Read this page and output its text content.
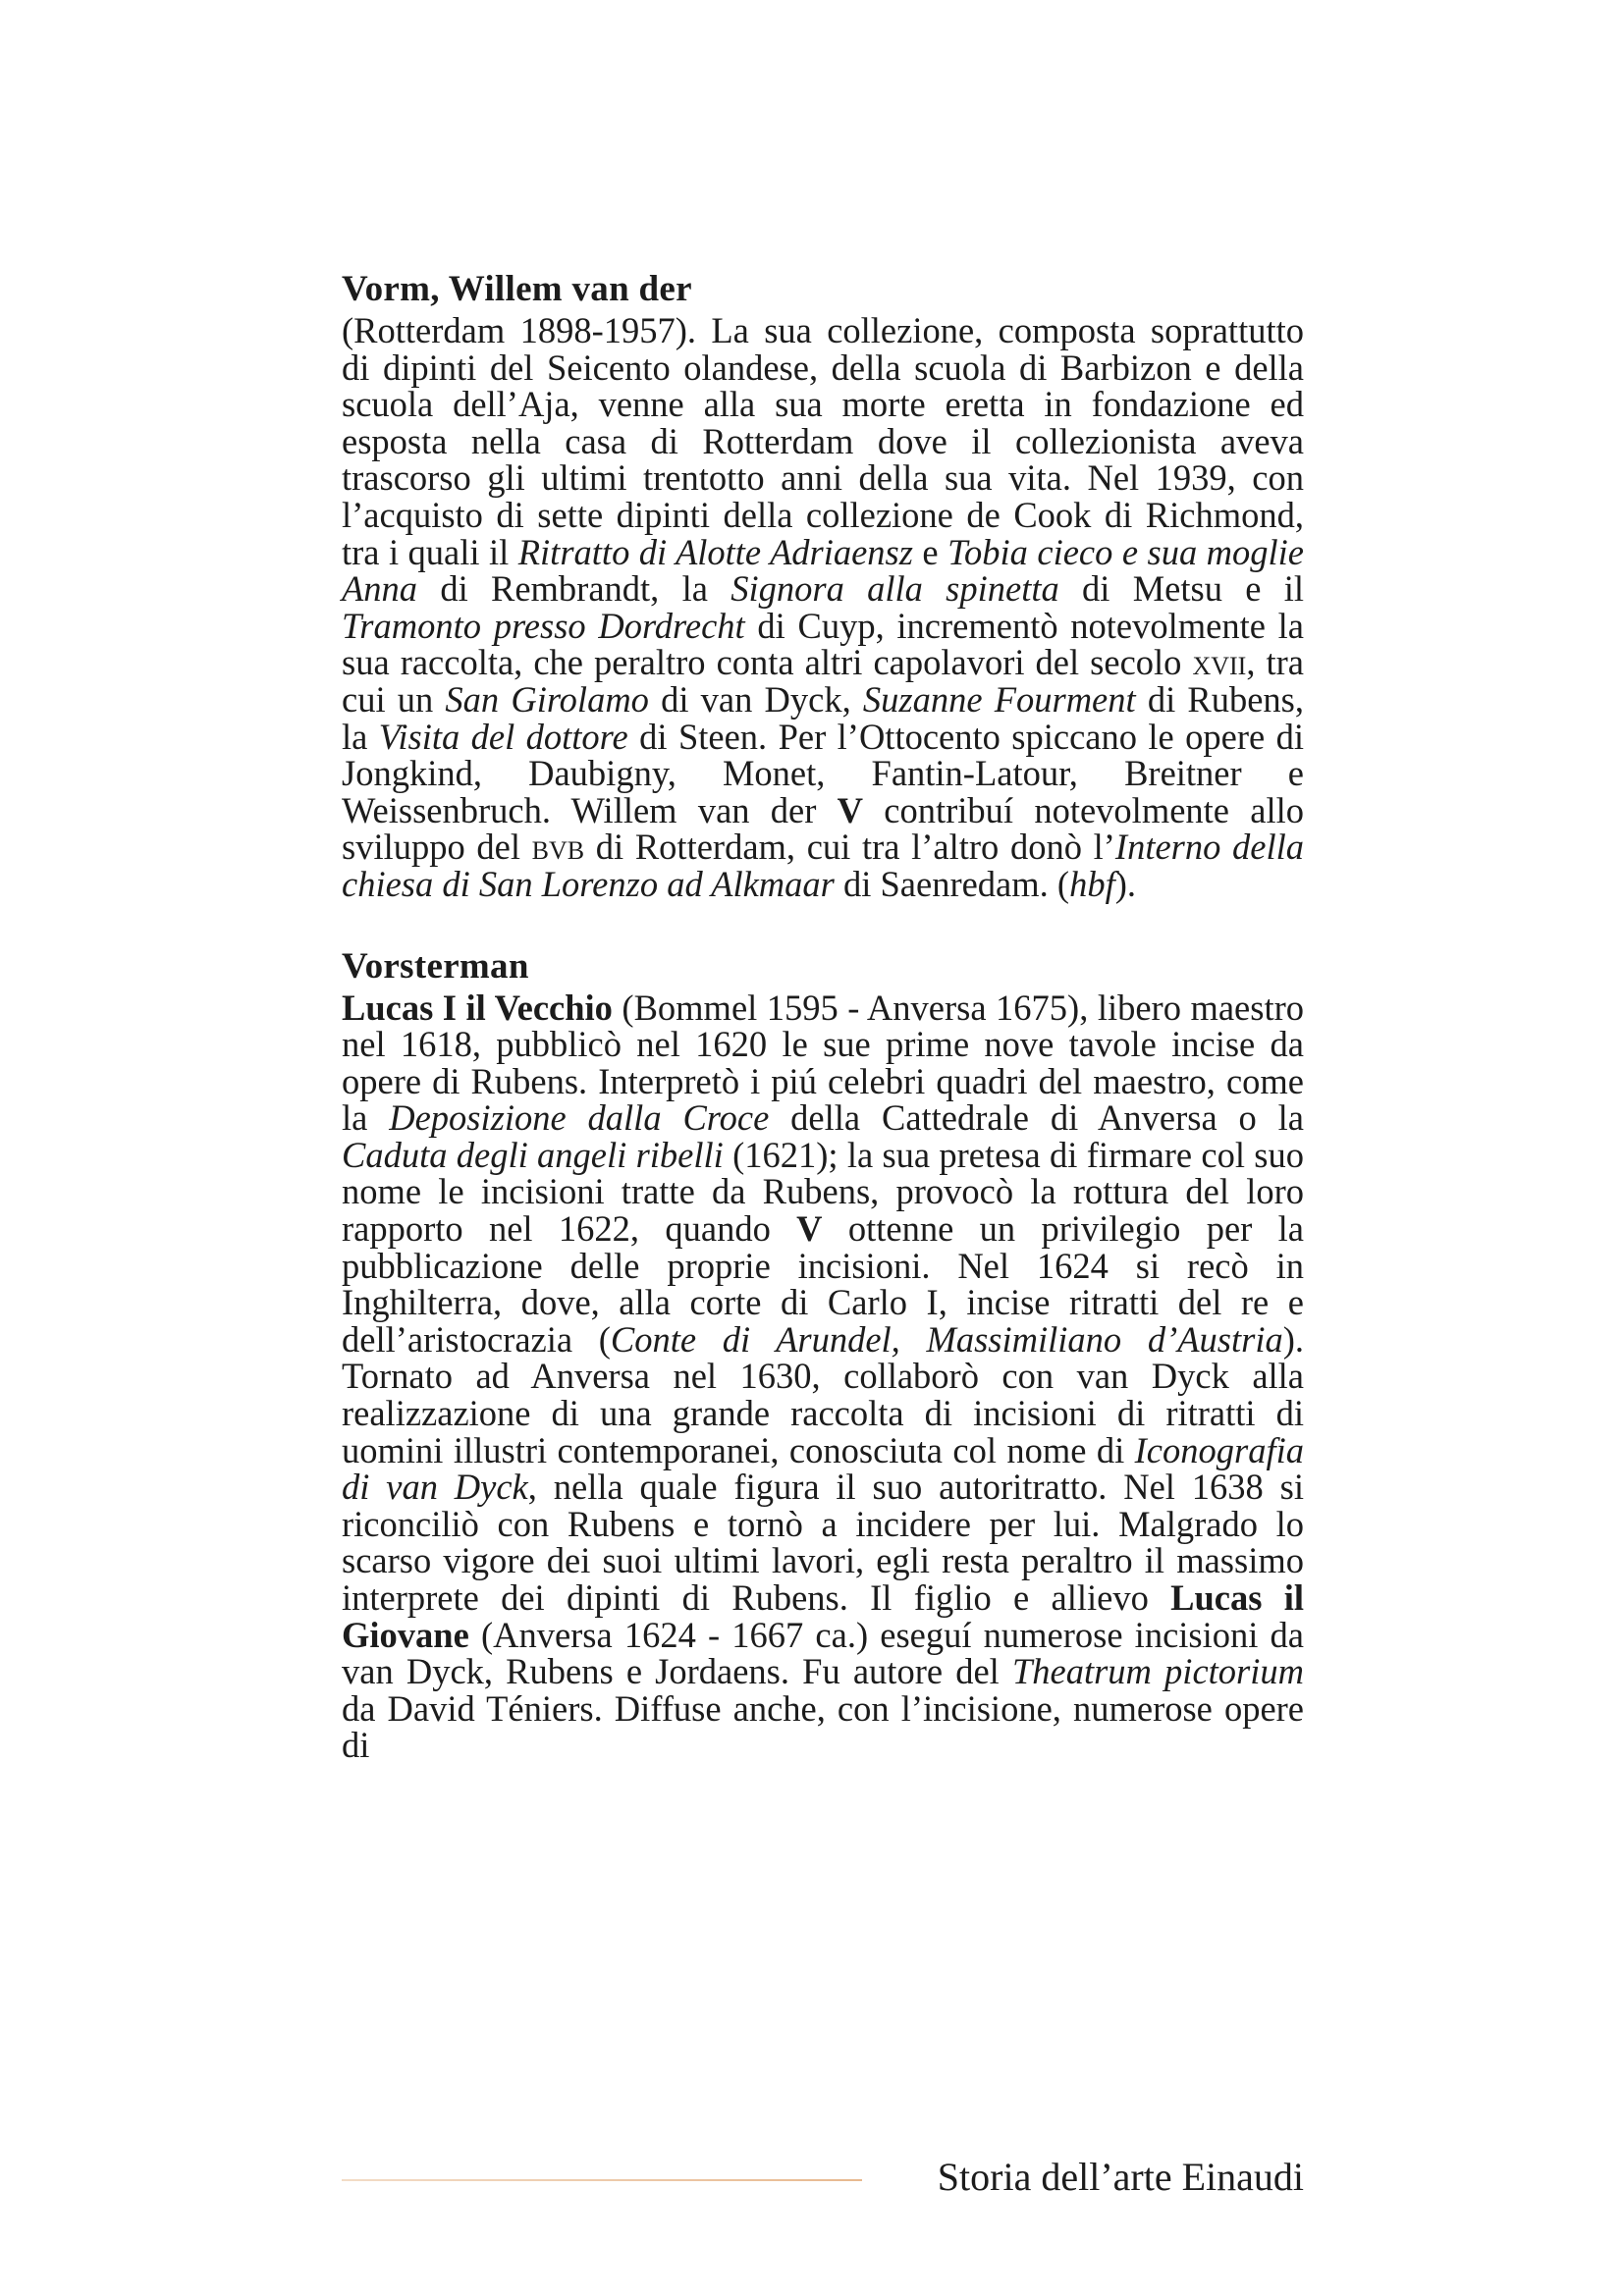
Vorm, Willem van der

(Rotterdam 1898-1957). La sua collezione, composta soprattutto di dipinti del Seicento olandese, della scuola di Barbizon e della scuola dell’Aja, venne alla sua morte eretta in fondazione ed esposta nella casa di Rotterdam dove il collezionista aveva trascorso gli ultimi trentotto anni della sua vita. Nel 1939, con l’acquisto di sette dipinti della collezione de Cook di Richmond, tra i quali il Ritratto di Alotte Adriaensz e Tobia cieco e sua moglie Anna di Rembrandt, la Signora alla spinetta di Metsu e il Tramonto presso Dordrecht di Cuyp, incrementò notevolmente la sua raccolta, che peraltro conta altri capolavori del secolo xvii, tra cui un San Girolamo di van Dyck, Suzanne Fourment di Rubens, la Visita del dottore di Steen. Per l’Ottocento spiccano le opere di Jongkind, Daubigny, Monet, Fantin-Latour, Breitner e Weissenbruch. Willem van der V contribuí notevolmente allo sviluppo del bvb di Rotterdam, cui tra l’altro donò l’Interno della chiesa di San Lorenzo ad Alkmaar di Saenredam. (hbf).

Vorsterman

Lucas I il Vecchio (Bommel 1595 - Anversa 1675), libero maestro nel 1618, pubblicò nel 1620 le sue prime nove tavole incise da opere di Rubens. Interpretò i piú celebri quadri del maestro, come la Deposizione dalla Croce della Cattedrale di Anversa o la Caduta degli angeli ribelli (1621); la sua pretesa di firmare col suo nome le incisioni tratte da Rubens, provocò la rottura del loro rapporto nel 1622, quando V ottenne un privilegio per la pubblicazione delle proprie incisioni. Nel 1624 si recò in Inghilterra, dove, alla corte di Carlo I, incise ritratti del re e dell’aristocrazia (Conte di Arundel, Massimiliano d’Austria). Tornato ad Anversa nel 1630, collaborò con van Dyck alla realizzazione di una grande raccolta di incisioni di ritratti di uomini illustri contemporanei, conosciuta col nome di Iconografia di van Dyck, nella quale figura il suo autoritratto. Nel 1638 si riconciliò con Rubens e tornò a incidere per lui. Malgrado lo scarso vigore dei suoi ultimi lavori, egli resta peraltro il massimo interprete dei dipinti di Rubens. Il figlio e allievo Lucas il Giovane (Anversa 1624 - 1667 ca.) eseguí numerose incisioni da van Dyck, Rubens e Jordaens. Fu autore del Theatrum pictorium da David Téniers. Diffuse anche, con l’incisione, numerose opere di

Storia dell’arte Einaudi
